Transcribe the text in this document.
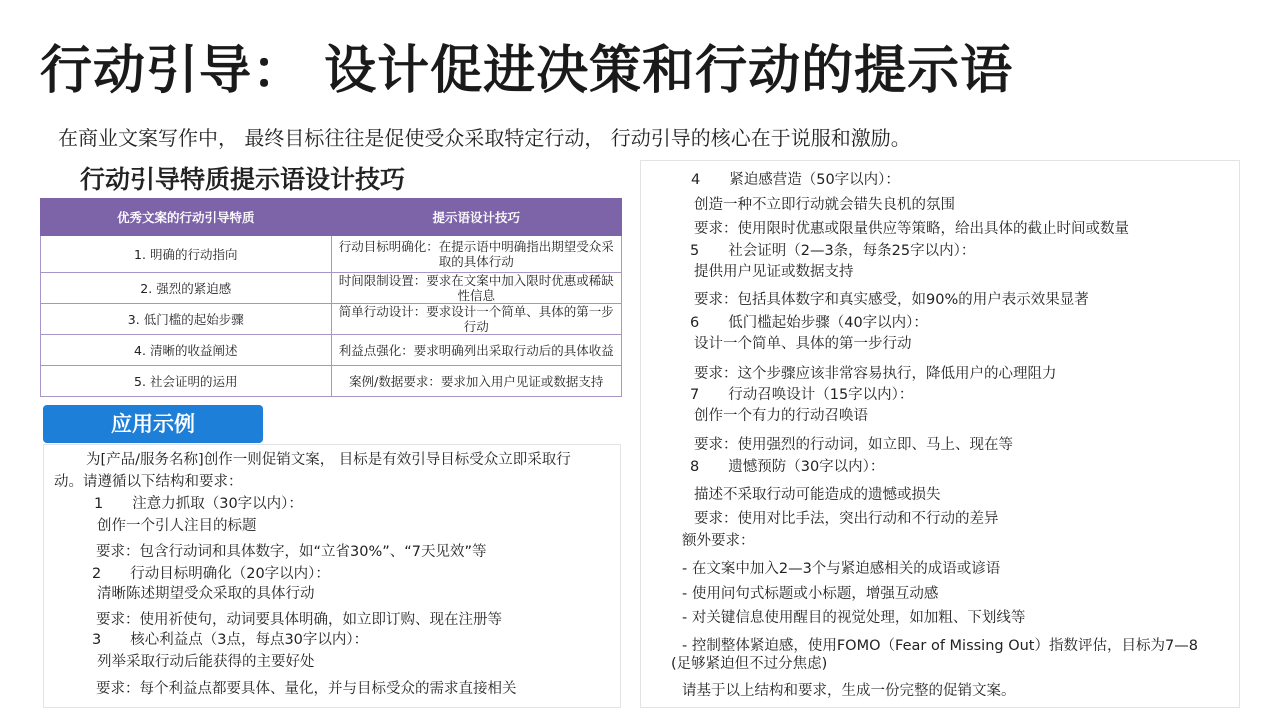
行动引导： 设计促进决策和行动的提示语
在商业文案写作中， 最终目标往往是促使受众采取特定行动， 行动引导的核心在于说服和激励。
行动引导特质提示语设计技巧
优秀文案的行动引导特质	提示语设计技巧
1. 明确的行动指向	行动目标明确化：在提示语中明确指出期望受众采取的具体行动
2. 强烈的紧迫感	时间限制设置：要求在文案中加入限时优惠或稀缺性信息
3. 低门槛的起始步骤	简单行动设计：要求设计一个简单、具体的第一步行动
4. 清晰的收益阐述	利益点强化：要求明确列出采取行动后的具体收益
5. 社会证明的运用	案例/数据要求：要求加入用户见证或数据支持
应用示例
为[产品/服务名称]创作一则促销文案， 目标是有效引导目标受众立即采取行
动。请遵循以下结构和要求：
1　　注意力抓取（30字以内）：
创作一个引人注目的标题
要求：包含行动词和具体数字，如“立省30%”、“7天见效”等
2　　行动目标明确化（20字以内）：
清晰陈述期望受众采取的具体行动
要求：使用祈使句，动词要具体明确，如立即订购、现在注册等
3　　核心利益点（3点，每点30字以内）：
列举采取行动后能获得的主要好处
要求：每个利益点都要具体、量化，并与目标受众的需求直接相关
4　　紧迫感营造（50字以内）：
创造一种不立即行动就会错失良机的氛围
要求：使用限时优惠或限量供应等策略，给出具体的截止时间或数量
5　　社会证明（2—3条，每条25字以内）：
提供用户见证或数据支持
要求：包括具体数字和真实感受，如90%的用户表示效果显著
6　　低门槛起始步骤（40字以内）：
设计一个简单、具体的第一步行动
要求：这个步骤应该非常容易执行，降低用户的心理阻力
7　　行动召唤设计（15字以内）：
创作一个有力的行动召唤语
要求：使用强烈的行动词，如立即、马上、现在等
8　　遗憾预防（30字以内）：
描述不采取行动可能造成的遗憾或损失
要求：使用对比手法，突出行动和不行动的差异
额外要求：
- 在文案中加入2—3个与紧迫感相关的成语或谚语
- 使用问句式标题或小标题，增强互动感
- 对关键信息使用醒目的视觉处理，如加粗、下划线等
- 控制整体紧迫感，使用FOMO（Fear of Missing Out）指数评估，目标为7—8
(足够紧迫但不过分焦虑)
请基于以上结构和要求，生成一份完整的促销文案。
